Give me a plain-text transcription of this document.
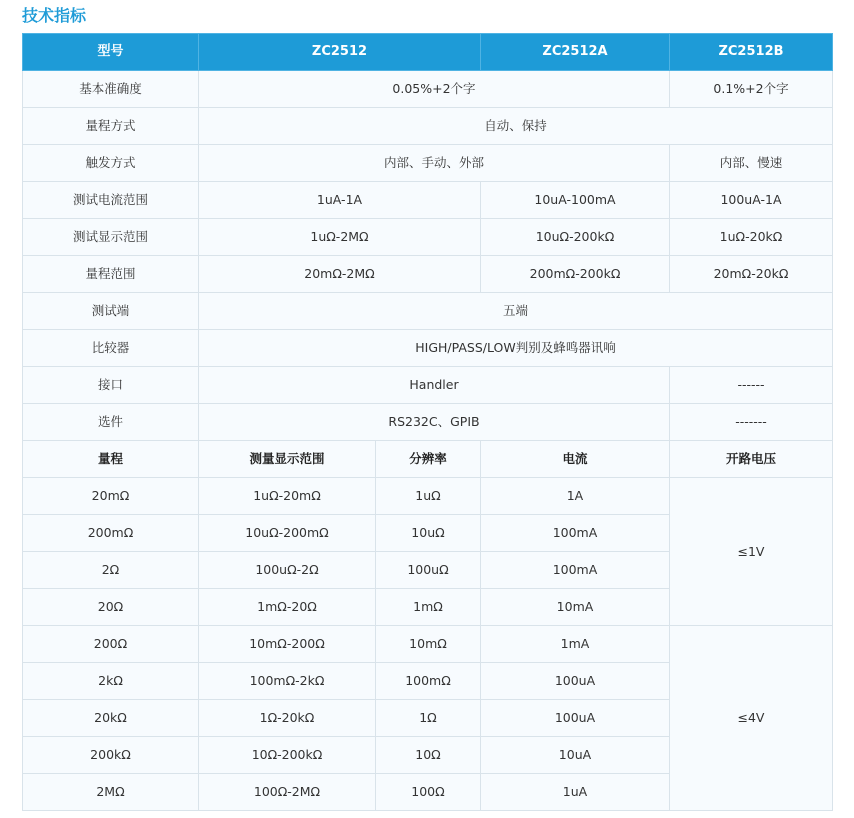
技术指标
型号	ZC2512		ZC2512A	ZC2512B
基本准确度	0.05%+2个字			0.1%+2个字
量程方式	自动、保持			
触发方式	内部、手动、外部			内部、慢速
测试电流范围	1uA-1A		10uA-100mA	100uA-1A
测试显示范围	1uΩ-2MΩ		10uΩ-200kΩ	1uΩ-20kΩ
量程范围	20mΩ-2MΩ		200mΩ-200kΩ	20mΩ-20kΩ
测试端	五端			
比较器	HIGH/PASS/LOW判别及蜂鸣器讯响			
接口	Handler			------
选件	RS232C、GPIB			-------
量程	测量显示范围	分辨率	电流	开路电压
20mΩ	1uΩ-20mΩ	1uΩ	1A	≤1V
200mΩ	10uΩ-200mΩ	10uΩ	100mA	
2Ω	100uΩ-2Ω	100uΩ	100mA	
20Ω	1mΩ-20Ω	1mΩ	10mA	
200Ω	10mΩ-200Ω	10mΩ	1mA	≤4V
2kΩ	100mΩ-2kΩ	100mΩ	100uA	
20kΩ	1Ω-20kΩ	1Ω	100uA	
200kΩ	10Ω-200kΩ	10Ω	10uA	
2MΩ	100Ω-2MΩ	100Ω	1uA	
